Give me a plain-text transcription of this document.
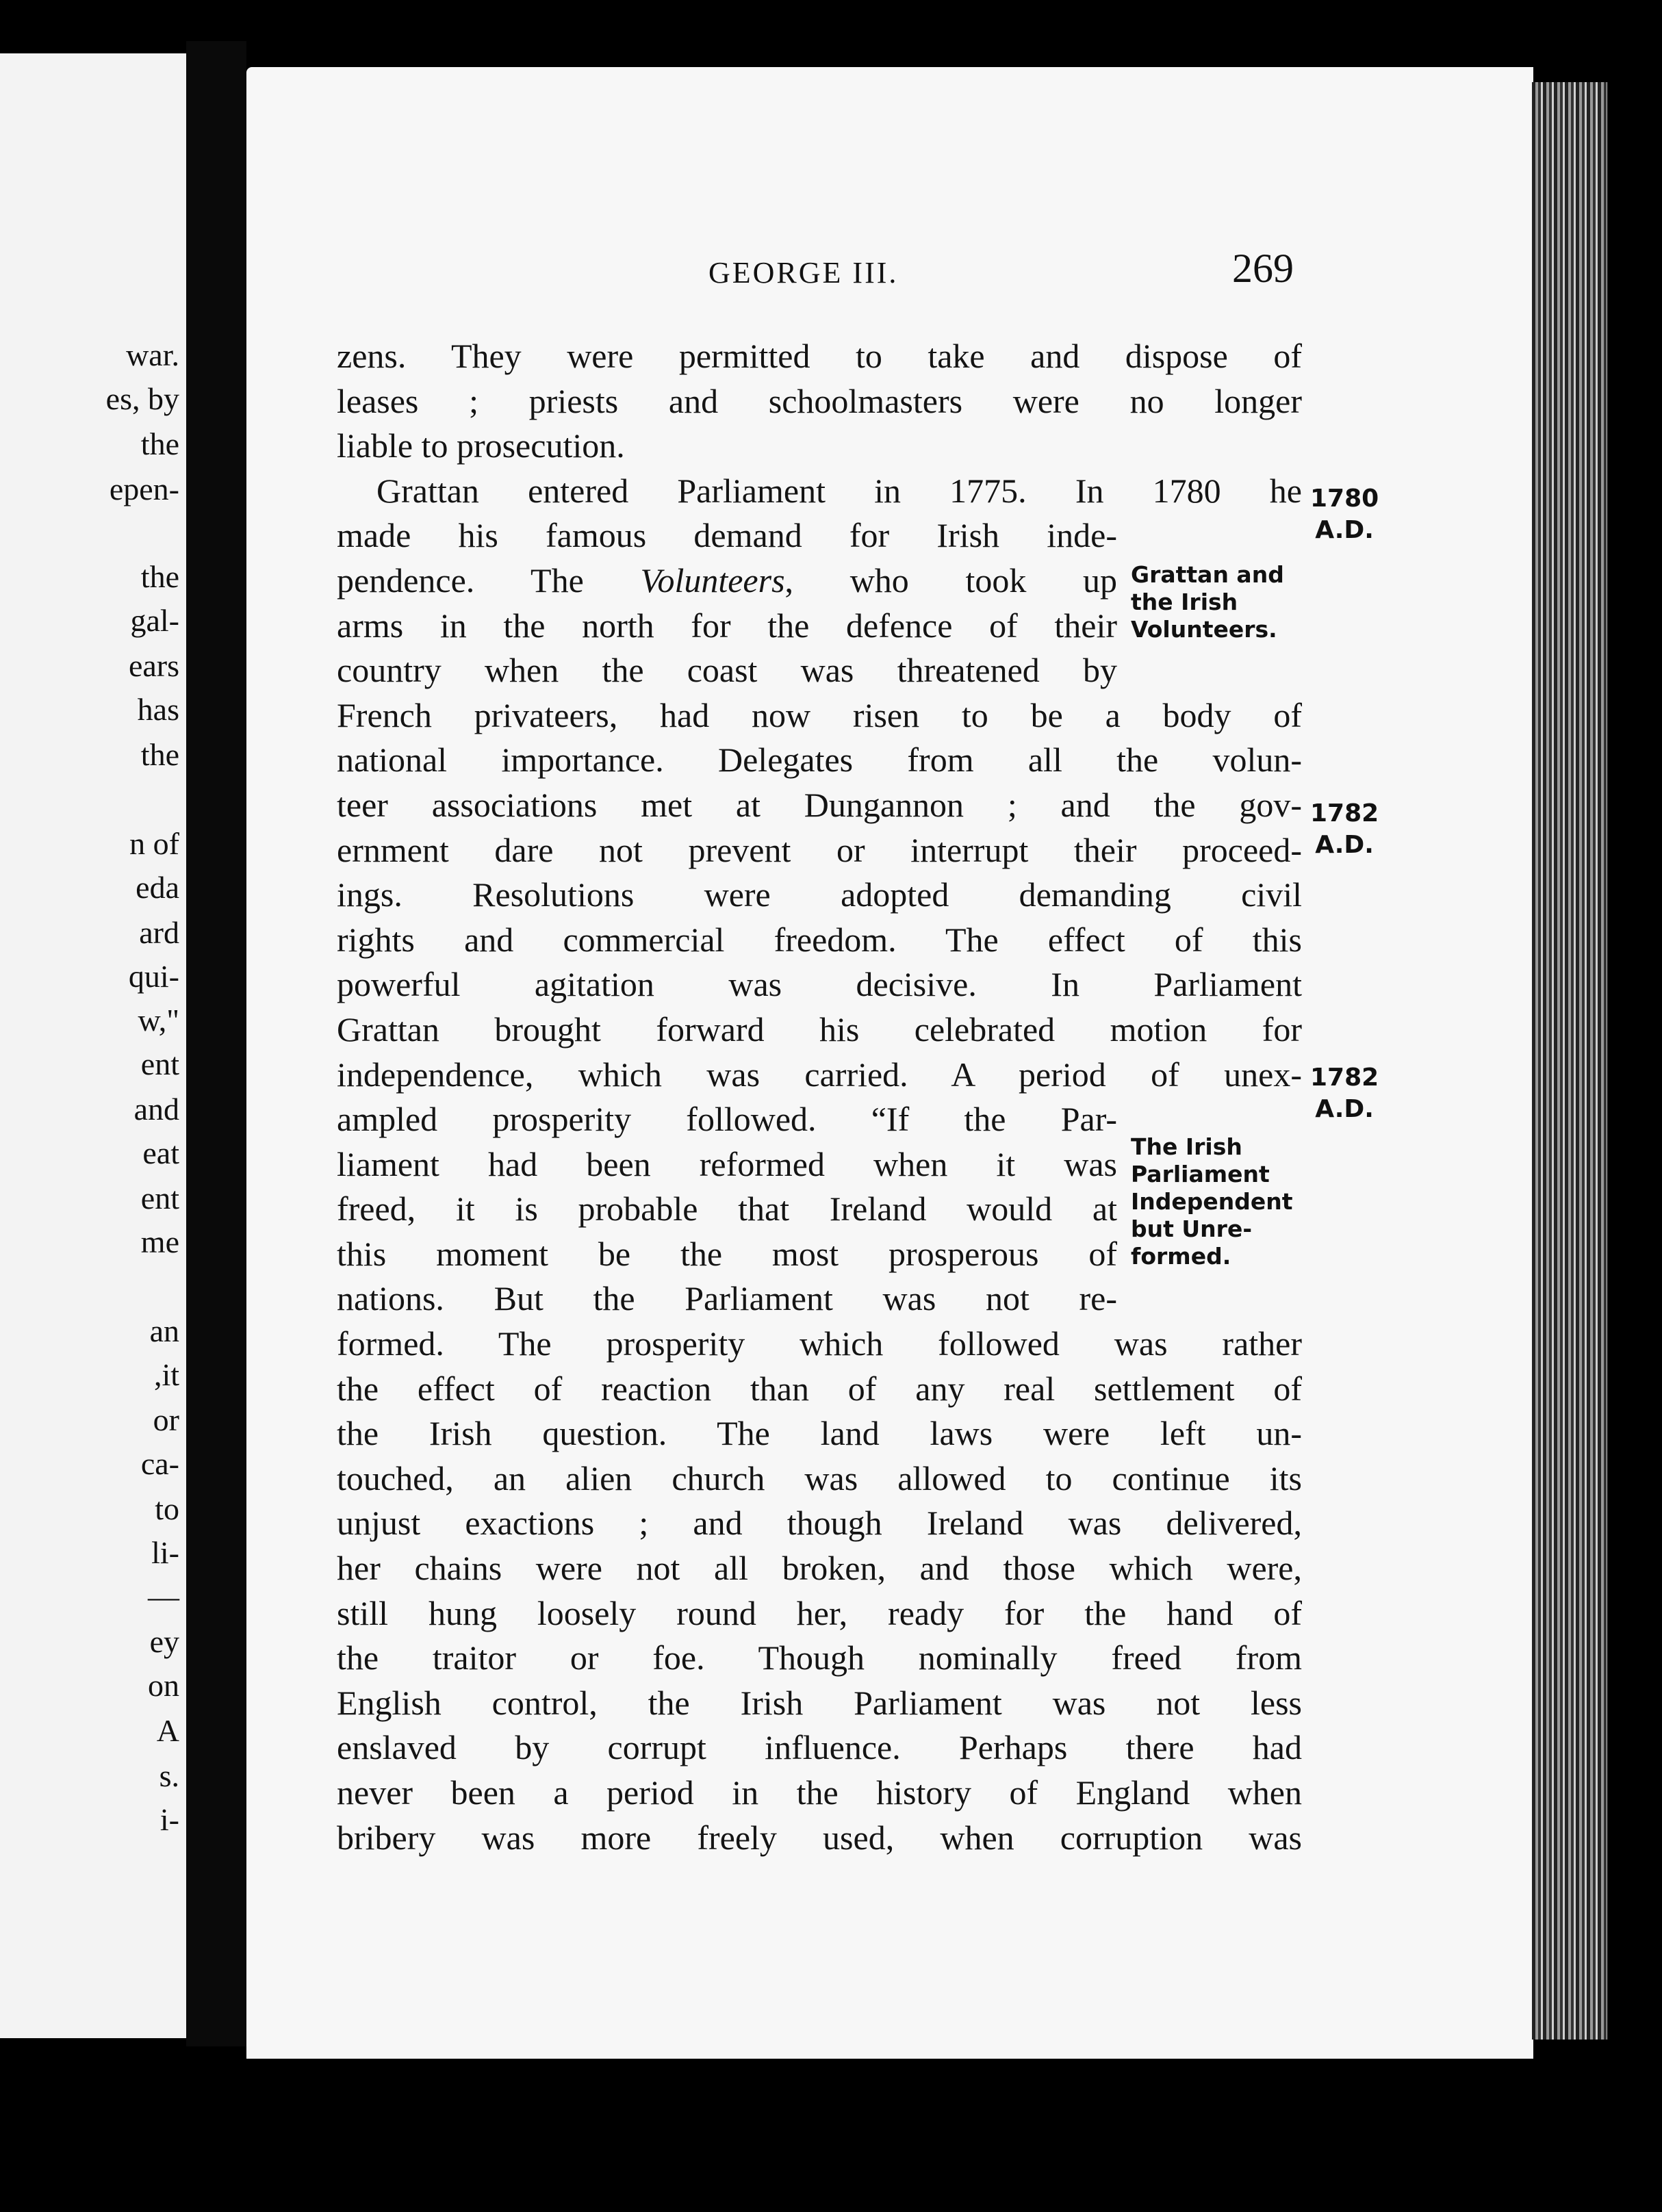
war.
es, by
the
epen-
the
gal-
ears
has
the
n of
eda
ard
qui-
w,"
ent
and
eat
ent
me
an
,it
or
ca-
to
li-
—
ey
on
A
s.
i-
GEORGE III.	269
zens. They were permitted to take and dispose of
leases ; priests and schoolmasters were no longer
liable to prosecution.
Grattan entered Parliament in 1775. In 1780 he
made his famous demand for Irish inde-
pendence. The Volunteers, who took up
arms in the north for the defence of their
country when the coast was threatened by
French privateers, had now risen to be a body of
national importance. Delegates from all the volun-
teer associations met at Dungannon ; and the gov-
ernment dare not prevent or interrupt their proceed-
ings. Resolutions were adopted demanding civil
rights and commercial freedom. The effect of this
powerful agitation was decisive. In Parliament
Grattan brought forward his celebrated motion for
independence, which was carried. A period of unex-
ampled prosperity followed. “If the Par-
liament had been reformed when it was
freed, it is probable that Ireland would at
this moment be the most prosperous of
nations. But the Parliament was not re-
formed. The prosperity which followed was rather
the effect of reaction than of any real settlement of
the Irish question. The land laws were left un-
touched, an alien church was allowed to continue its
unjust exactions ; and though Ireland was delivered,
her chains were not all broken, and those which were,
still hung loosely round her, ready for the hand of
the traitor or foe. Though nominally freed from
English control, the Irish Parliament was not less
enslaved by corrupt influence. Perhaps there had
never been a period in the history of England when
bribery was more freely used, when corruption was
1780
A.D.
1782
A.D.
1782
A.D.
Grattan and
the Irish
Volunteers.
The Irish
Parliament
Independent
but Unre-
formed.
